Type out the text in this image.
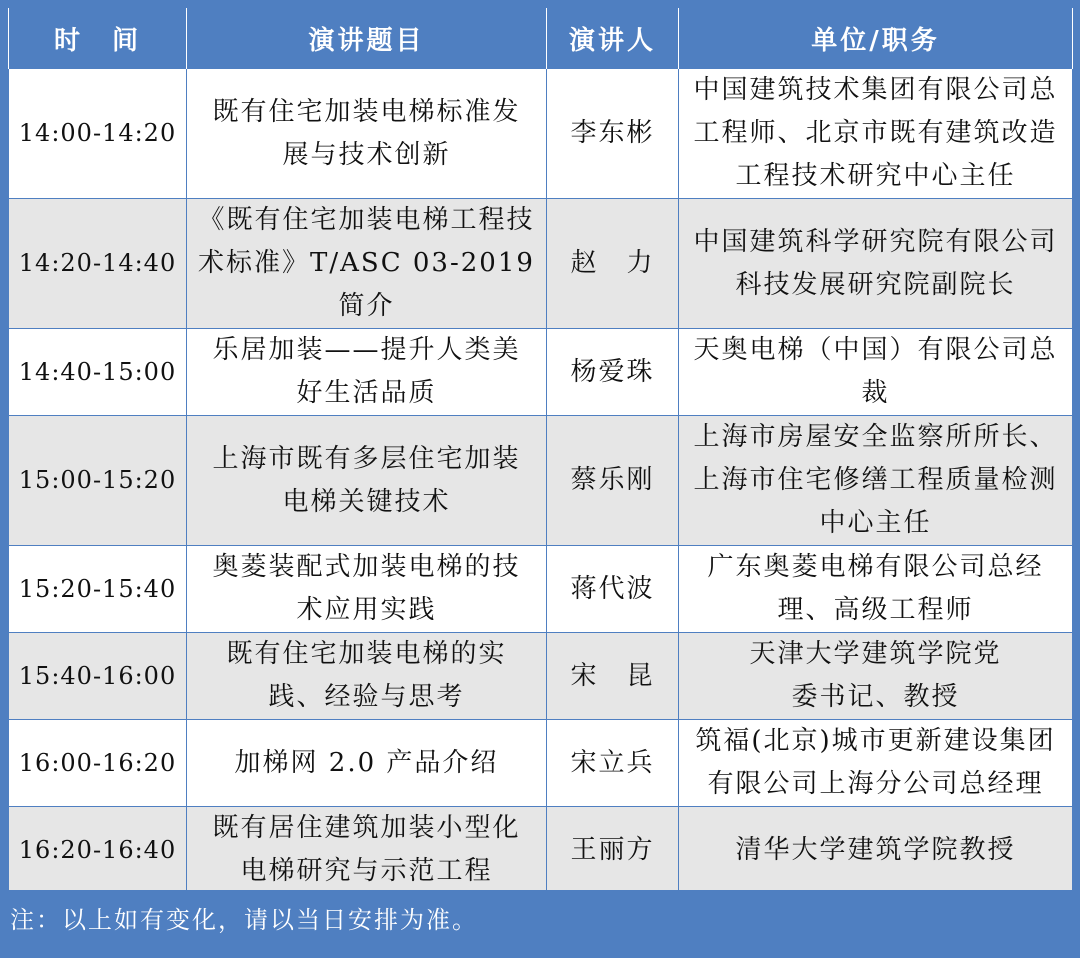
时　间	演讲题目	演讲人	单位/职务
14:00-14:20	既有住宅加装电梯标准发展与技术创新	李东彬	中国建筑技术集团有限公司总工程师、北京市既有建筑改造工程技术研究中心主任
14:20-14:40	《既有住宅加装电梯工程技术标准》T/ASC 03-2019简介	赵　力	中国建筑科学研究院有限公司科技发展研究院副院长
14:40-15:00	乐居加装——提升人类美好生活品质	杨爱珠	天奥电梯（中国）有限公司总裁
15:00-15:20	上海市既有多层住宅加装电梯关键技术	蔡乐刚	上海市房屋安全监察所所长、上海市住宅修缮工程质量检测中心主任
15:20-15:40	奥菱装配式加装电梯的技术应用实践	蒋代波	广东奥菱电梯有限公司总经理、高级工程师
15:40-16:00	既有住宅加装电梯的实践、经验与思考	宋　昆	天津大学建筑学院党委书记、教授
16:00-16:20	加梯网 2.0 产品介绍	宋立兵	筑福(北京)城市更新建设集团有限公司上海分公司总经理
16:20-16:40	既有居住建筑加装小型化电梯研究与示范工程	王丽方	清华大学建筑学院教授
注：以上如有变化，请以当日安排为准。
